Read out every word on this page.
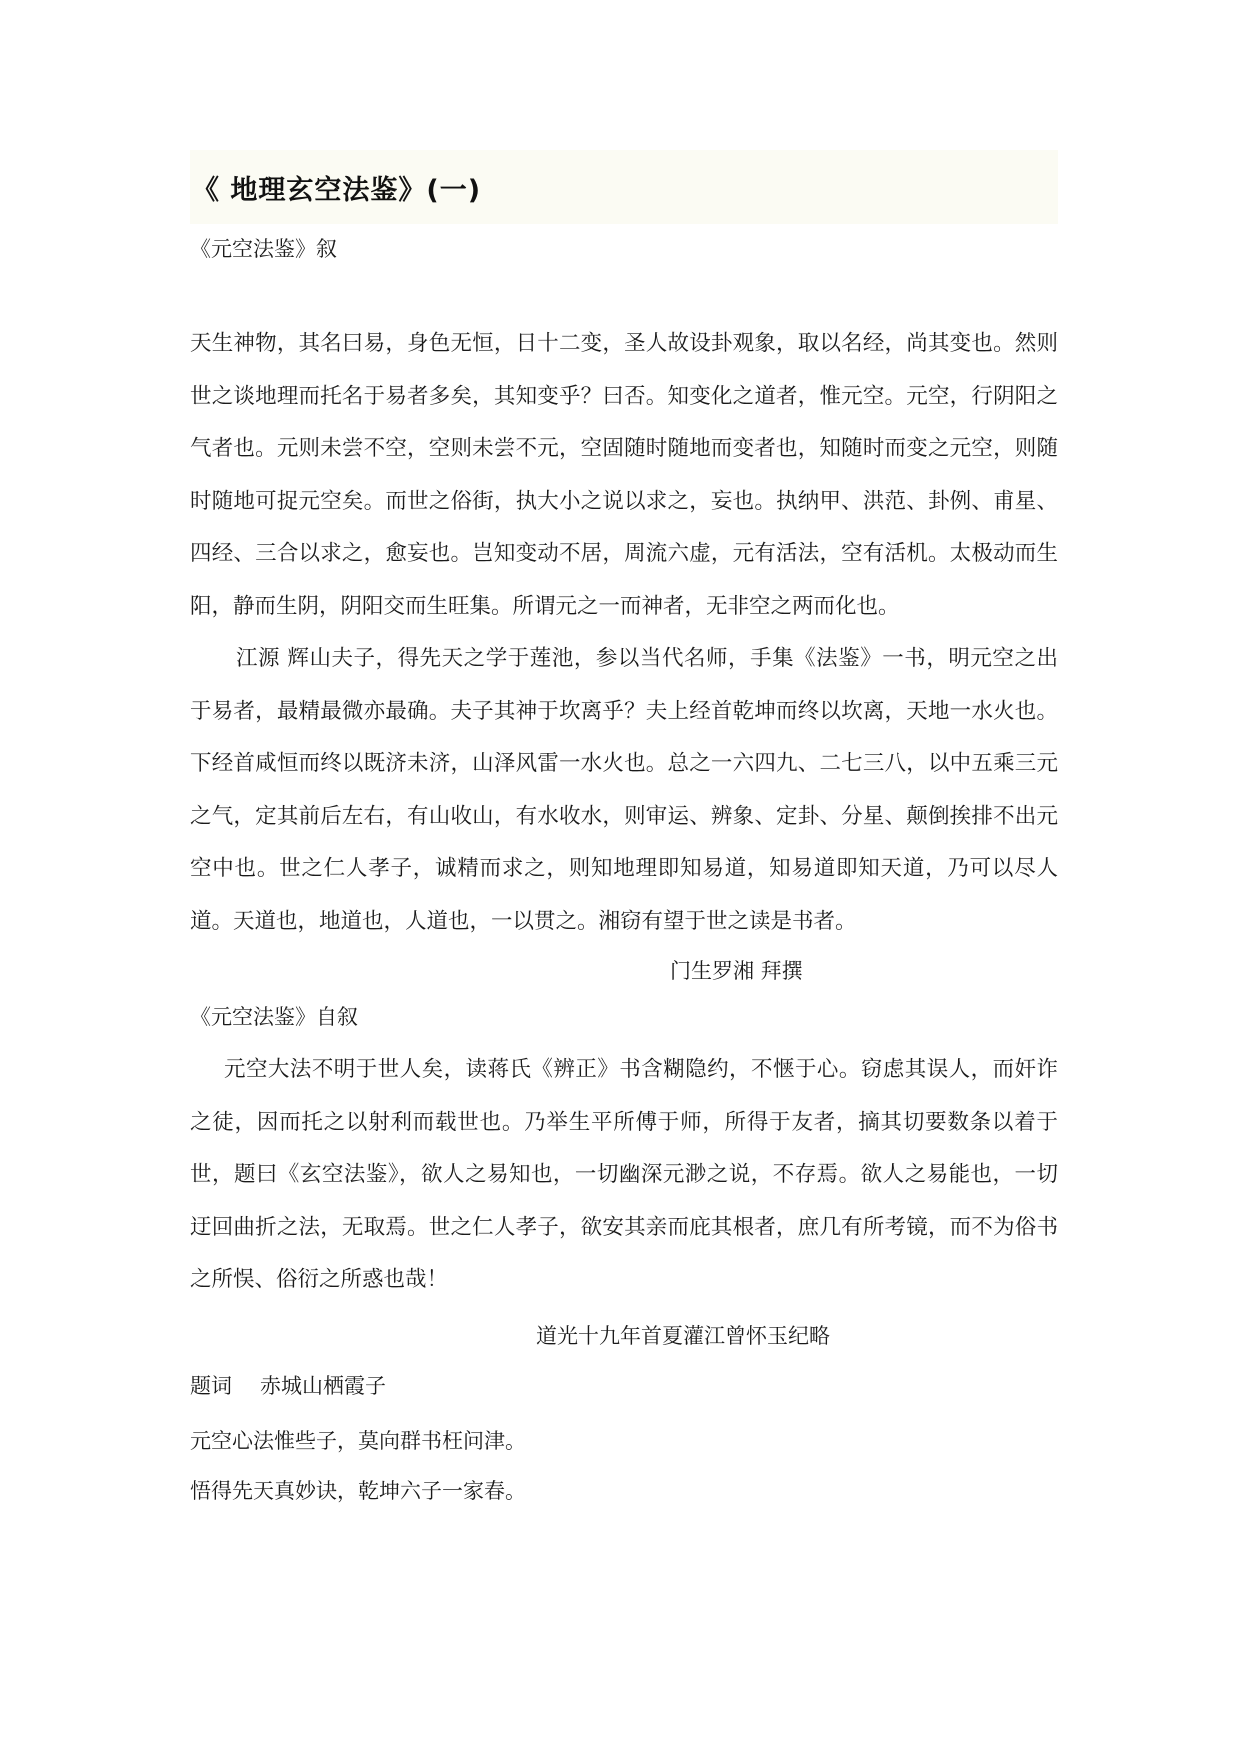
《 地理玄空法鉴》(一)

《元空法鉴》叙

天生神物，其名曰易，身色无恒，日十二变，圣人故设卦观象，取以名经，尚其变也。然则世之谈地理而托名于易者多矣，其知变乎？曰否。知变化之道者，惟元空。元空，行阴阳之气者也。元则未尝不空，空则未尝不元，空固随时随地而变者也，知随时而变之元空，则随时随地可捉元空矣。而世之俗街，执大小之说以求之，妄也。执纳甲、洪范、卦例、甫星、四经、三合以求之，愈妄也。岂知变动不居，周流六虚，元有活法，空有活机。太极动而生阳，静而生阴，阴阳交而生旺集。所谓元之一而神者，无非空之两而化也。

江源 辉山夫子，得先天之学于莲池，参以当代名师，手集《法鉴》一书，明元空之出于易者，最精最微亦最确。夫子其神于坎离乎？夫上经首乾坤而终以坎离，天地一水火也。下经首咸恒而终以既济未济，山泽风雷一水火也。总之一六四九、二七三八，以中五乘三元之气，定其前后左右，有山收山，有水收水，则审运、辨象、定卦、分星、颠倒挨排不出元空中也。世之仁人孝子，诚精而求之，则知地理即知易道，知易道即知天道，乃可以尽人道。天道也，地道也，人道也，一以贯之。湘窃有望于世之读是书者。

门生罗湘 拜撰

《元空法鉴》自叙

元空大法不明于世人矣，读蒋氏《辨正》书含糊隐约，不惬于心。窃虑其误人，而奸诈之徒，因而托之以射利而载世也。乃举生平所傅于师，所得于友者，摘其切要数条以着于世，题曰《玄空法鉴》，欲人之易知也，一切幽深元渺之说，不存焉。欲人之易能也，一切迂回曲折之法，无取焉。世之仁人孝子，欲安其亲而庇其根者，庶几有所考镜，而不为俗书之所悮、俗衍之所惑也哉！

道光十九年首夏灌江曾怀玉纪略

题词 赤城山栖霞子

元空心法惟些子，莫向群书枉问津。

悟得先天真妙诀，乾坤六子一家春。
